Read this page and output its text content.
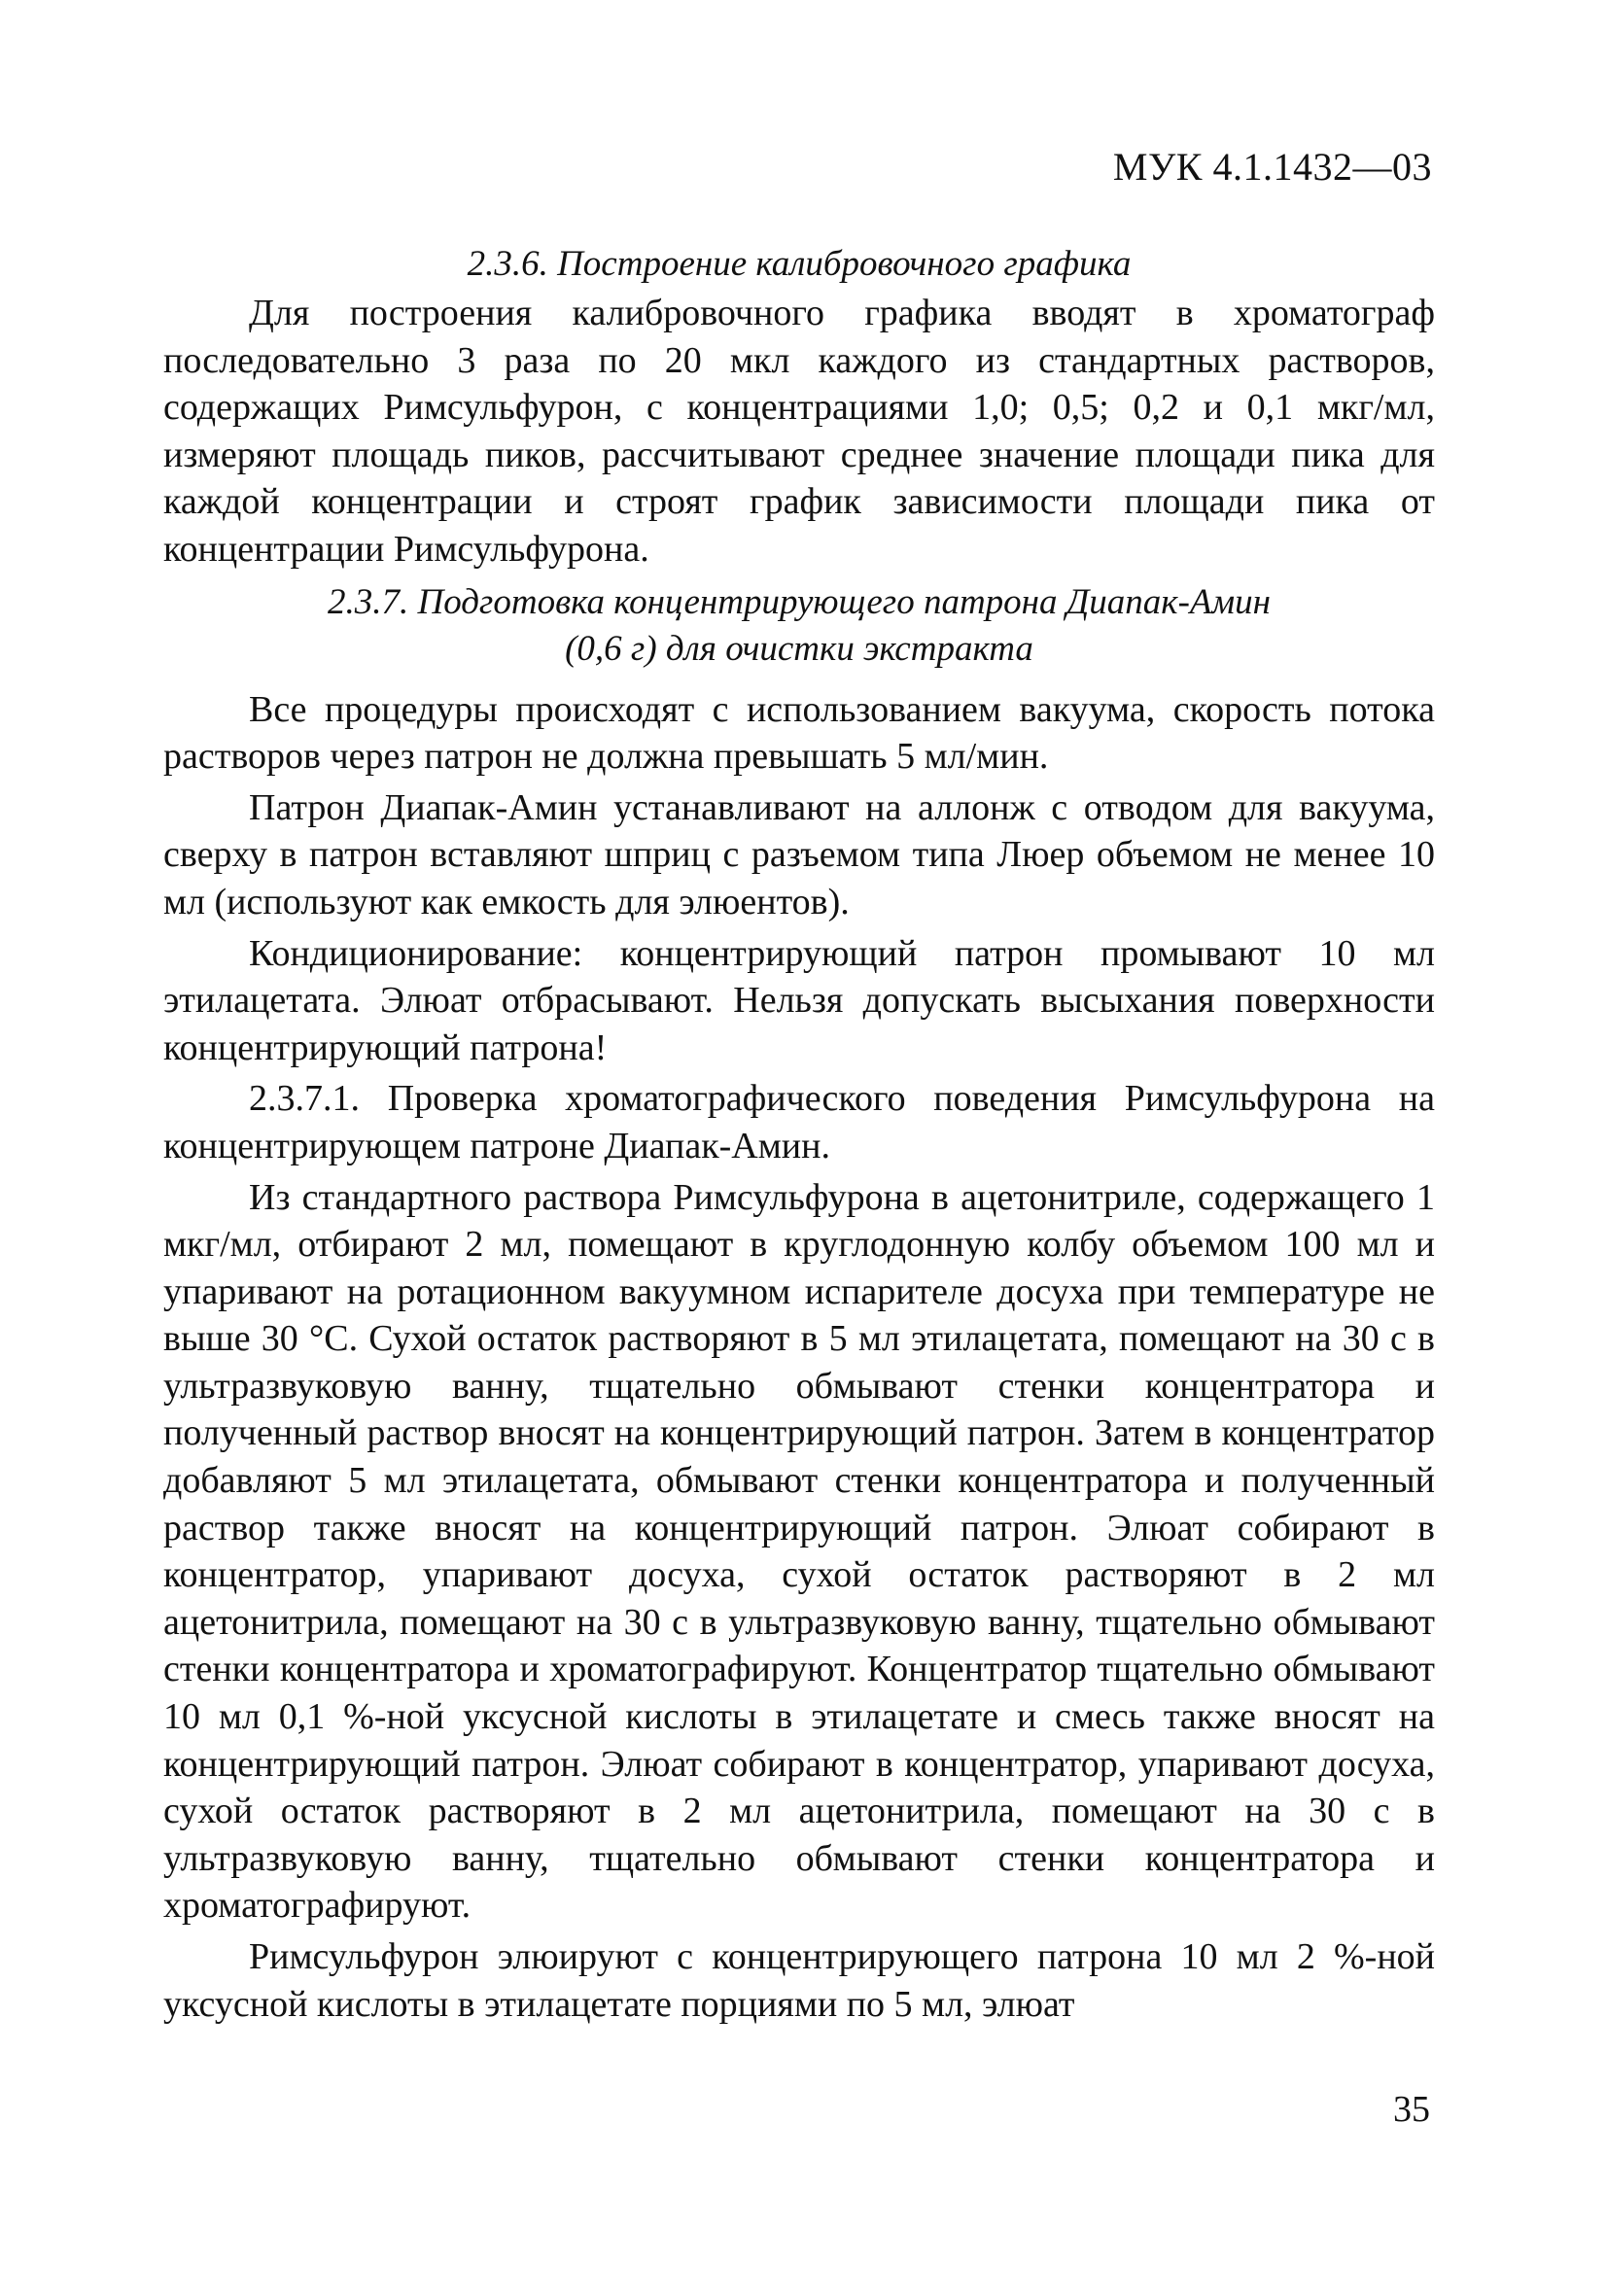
МУК 4.1.1432—03

2.3.6. Построение калибровочного графика

Для построения калибровочного графика вводят в хроматограф последовательно 3 раза по 20 мкл каждого из стандартных растворов, содержащих Римсульфурон, с концентрациями 1,0; 0,5; 0,2 и 0,1 мкг/мл, измеряют площадь пиков, рассчитывают среднее значение площади пика для каждой концентрации и строят график зависимости площади пика от концентрации Римсульфурона.

2.3.7. Подготовка концентрирующего патрона Диапак-Амин
(0,6 г) для очистки экстракта

Все процедуры происходят с использованием вакуума, скорость потока растворов через патрон не должна превышать 5 мл/мин.

Патрон Диапак-Амин устанавливают на аллонж с отводом для вакуума, сверху в патрон вставляют шприц с разъемом типа Люер объемом не менее 10 мл (используют как емкость для элюентов).

Кондиционирование: концентрирующий патрон промывают 10 мл этилацетата. Элюат отбрасывают. Нельзя допускать высыхания поверхности концентрирующий патрона!

2.3.7.1. Проверка хроматографического поведения Римсульфурона на концентрирующем патроне Диапак-Амин.

Из стандартного раствора Римсульфурона в ацетонитриле, содержащего 1 мкг/мл, отбирают 2 мл, помещают в круглодонную колбу объемом 100 мл и упаривают на ротационном вакуумном испарителе досуха при температуре не выше 30 °С. Сухой остаток растворяют в 5 мл этилацетата, помещают на 30 с в ультразвуковую ванну, тщательно обмывают стенки концентратора и полученный раствор вносят на концентрирующий патрон. Затем в концентратор добавляют 5 мл этилацетата, обмывают стенки концентратора и полученный раствор также вносят на концентрирующий патрон. Элюат собирают в концентратор, упаривают досуха, сухой остаток растворяют в 2 мл ацетонитрила, помещают на 30 с в ультразвуковую ванну, тщательно обмывают стенки концентратора и хроматографируют. Концентратор тщательно обмывают 10 мл 0,1 %-ной уксусной кислоты в этилацетате и смесь также вносят на концентрирующий патрон. Элюат собирают в концентратор, упаривают досуха, сухой остаток растворяют в 2 мл ацетонитрила, помещают на 30 с в ультразвуковую ванну, тщательно обмывают стенки концентратора и хроматографируют.

Римсульфурон элюируют с концентрирующего патрона 10 мл 2 %-ной уксусной кислоты в этилацетате порциями по 5 мл, элюат

35
